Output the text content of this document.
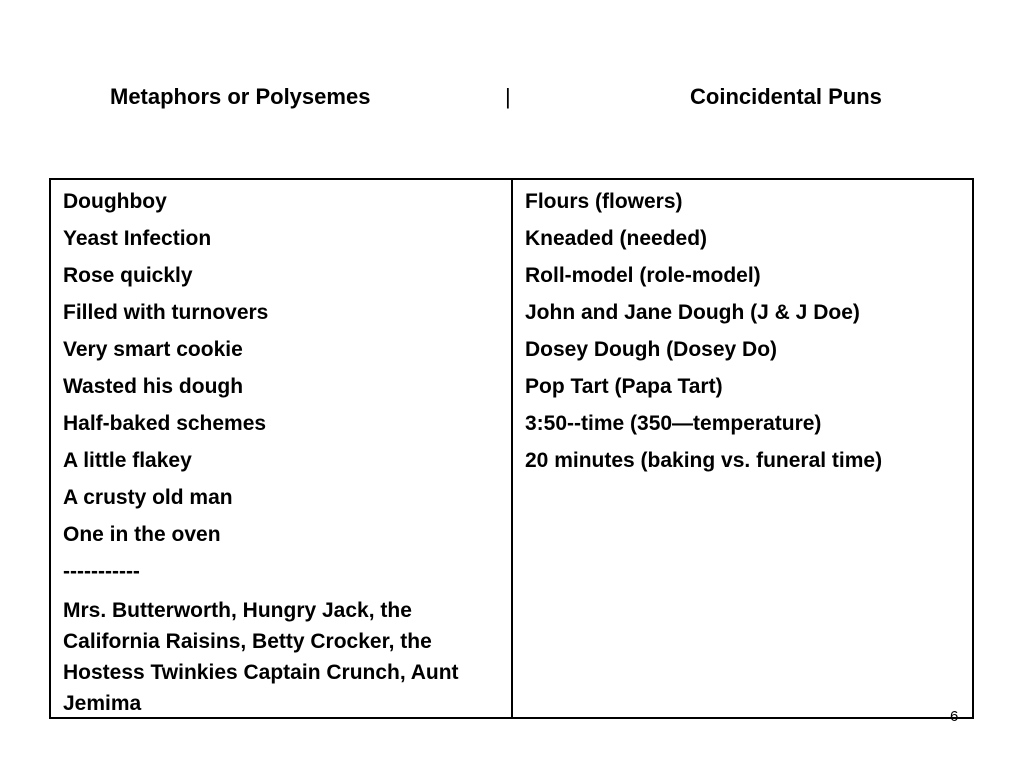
Metaphors or Polysemes	|	Coincidental Puns
Doughboy
Yeast Infection
Rose quickly
Filled with turnovers
Very smart cookie
Wasted his dough
Half-baked schemes
A little flakey
A crusty old man
One in the oven
-----------
Mrs. Butterworth, Hungry Jack, the California Raisins, Betty Crocker, the Hostess Twinkies Captain Crunch, Aunt Jemima
Flours (flowers)
Kneaded (needed)
Roll-model (role-model)
John and Jane Dough (J & J Doe)
Dosey Dough (Dosey Do)
Pop Tart (Papa Tart)
3:50--time (350—temperature)
20 minutes (baking vs. funeral time)
6
